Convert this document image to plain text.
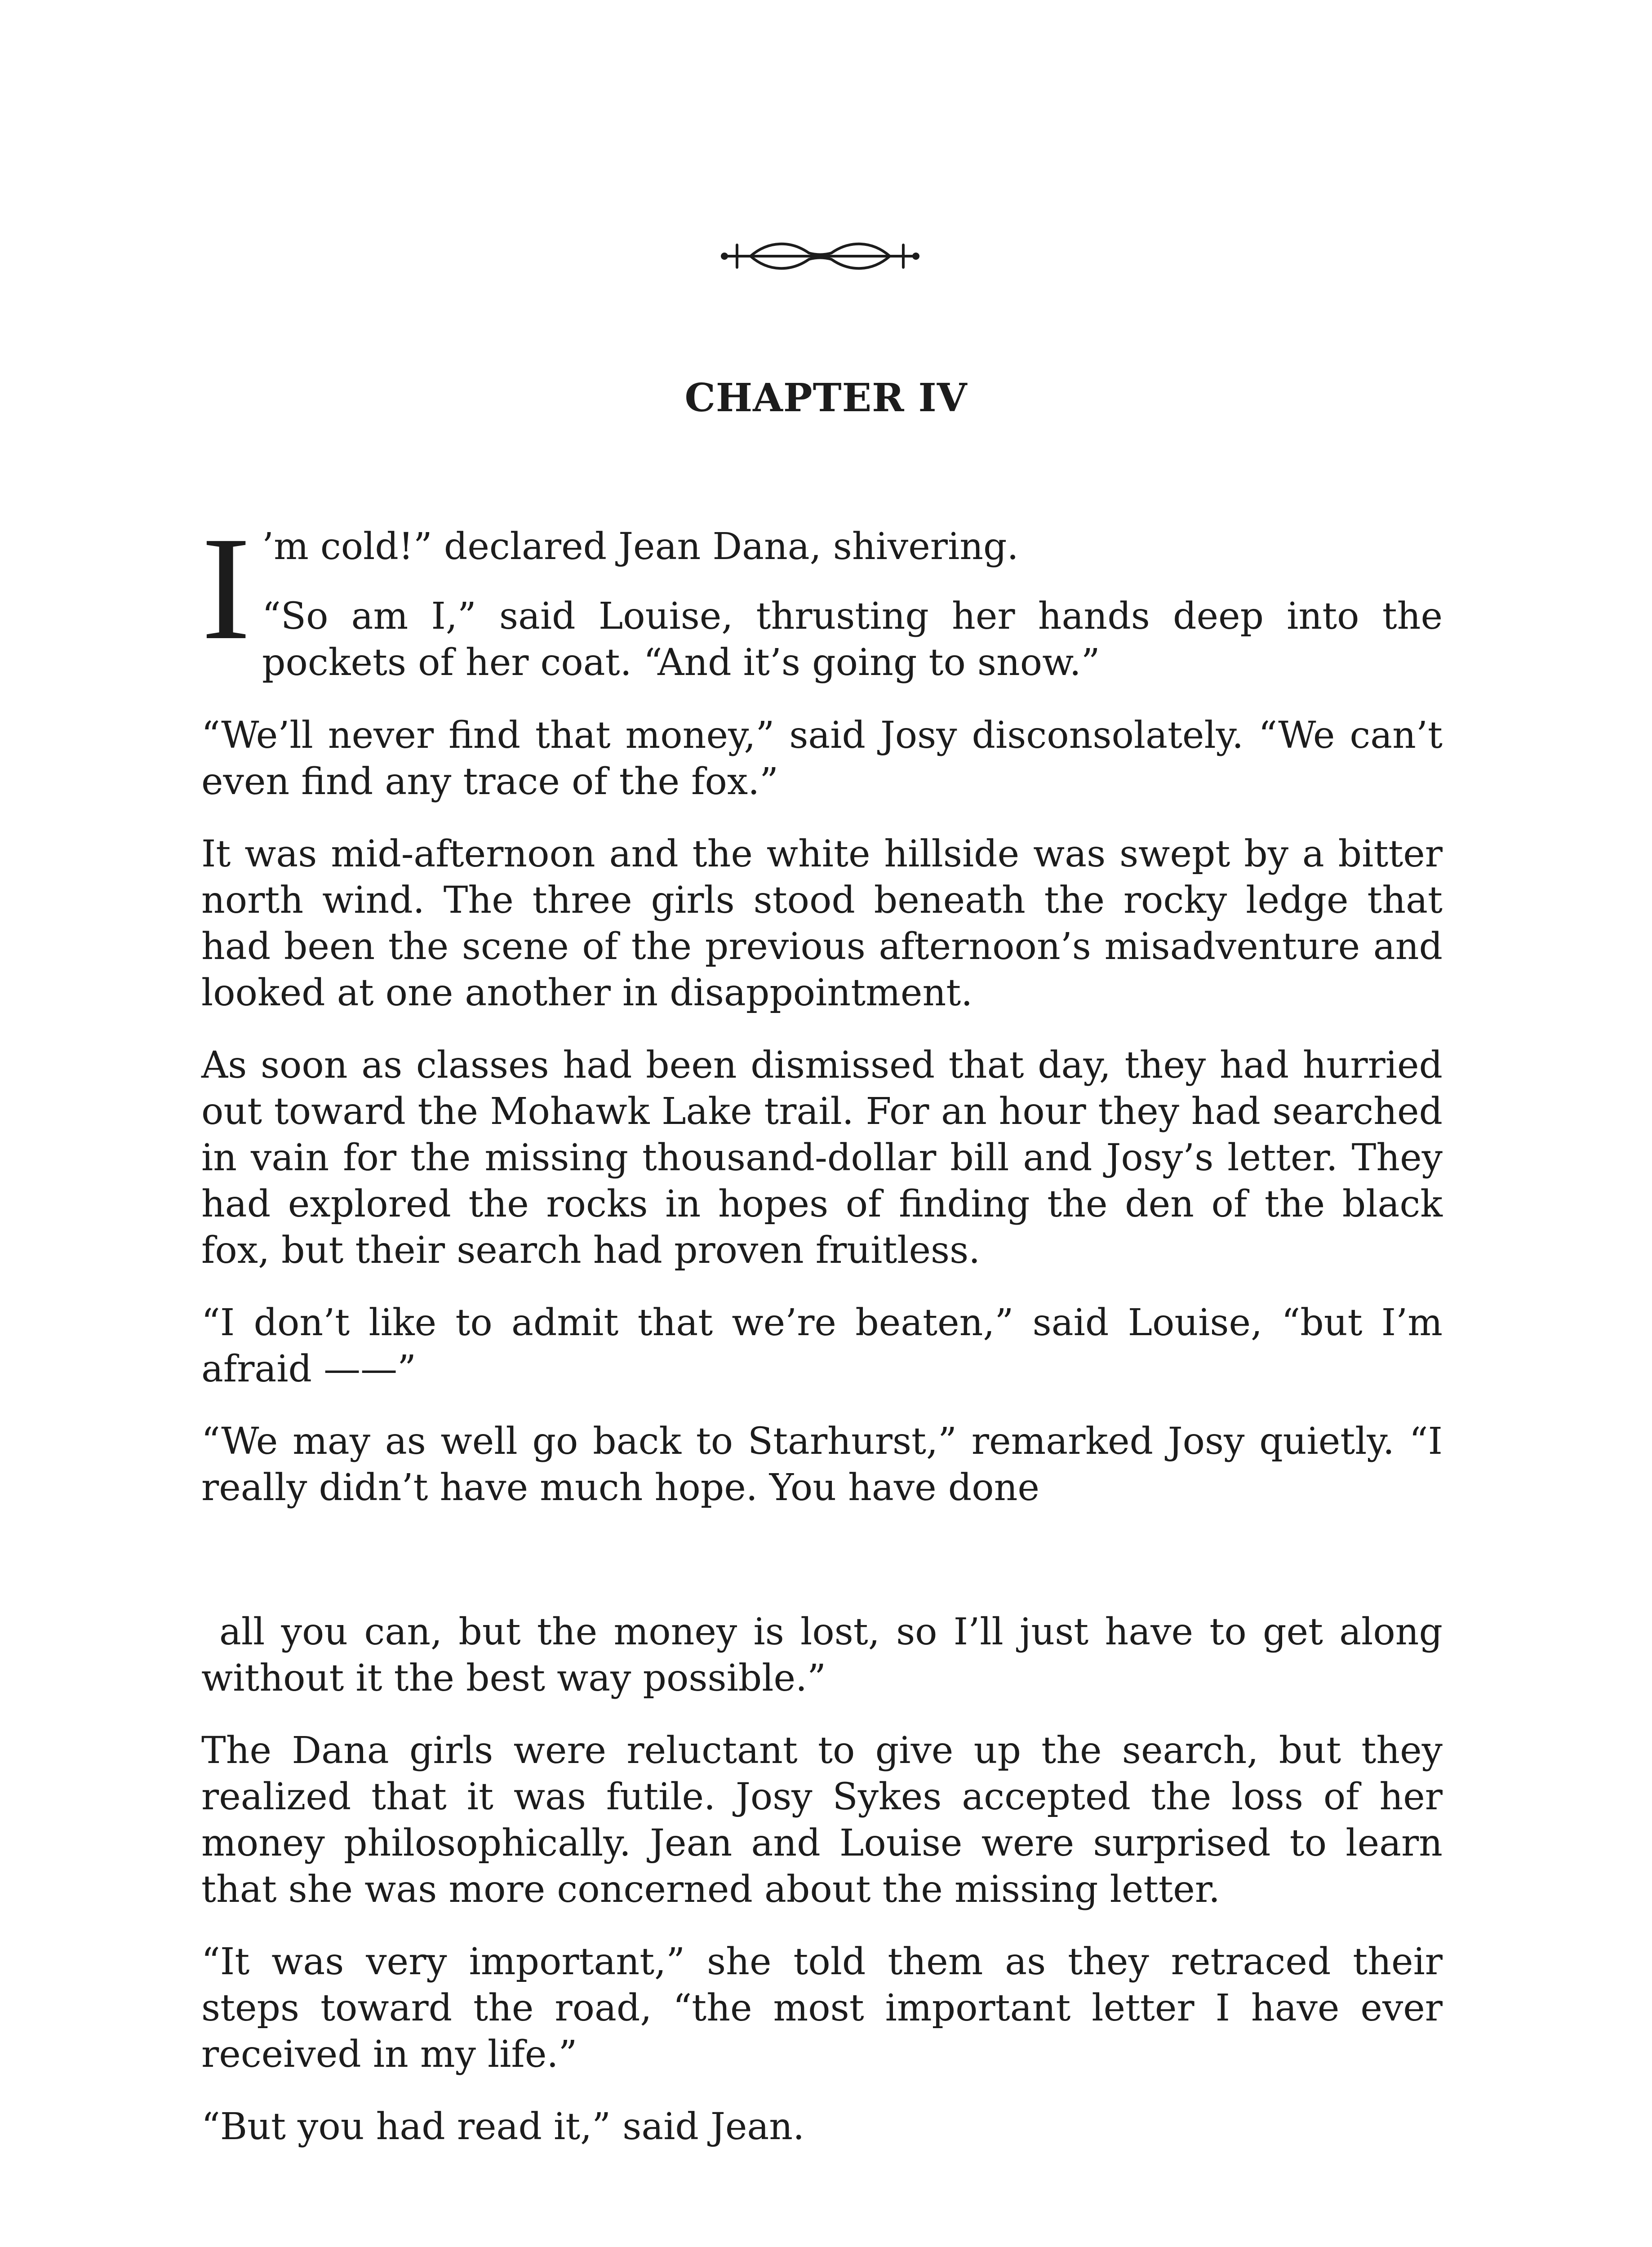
CHAPTER IV
I ’m cold!” declared Jean Dana, shivering.

“So am I,” said Louise, thrusting her hands deep into the pockets of her coat. “And it’s going to snow.”

“We’ll never find that money,” said Josy disconsolately. “We can’t even find any trace of the fox.”

It was mid-afternoon and the white hillside was swept by a bitter north wind. The three girls stood beneath the rocky ledge that had been the scene of the previous afternoon’s misadventure and looked at one another in disappointment.

As soon as classes had been dismissed that day, they had hurried out toward the Mohawk Lake trail. For an hour they had searched in vain for the missing thousand-dollar bill and Josy’s letter. They had explored the rocks in hopes of finding the den of the black fox, but their search had proven fruitless.

“I don’t like to admit that we’re beaten,” said Louise, “but I’m afraid ——”

“We may as well go back to Starhurst,” remarked Josy quietly. “I really didn’t have much hope. You have done

all you can, but the money is lost, so I’ll just have to get along without it the best way possible.”

The Dana girls were reluctant to give up the search, but they realized that it was futile. Josy Sykes accepted the loss of her money philosophically. Jean and Louise were surprised to learn that she was more concerned about the missing letter.

“It was very important,” she told them as they retraced their steps toward the road, “the most important letter I have ever received in my life.”

“But you had read it,” said Jean.
